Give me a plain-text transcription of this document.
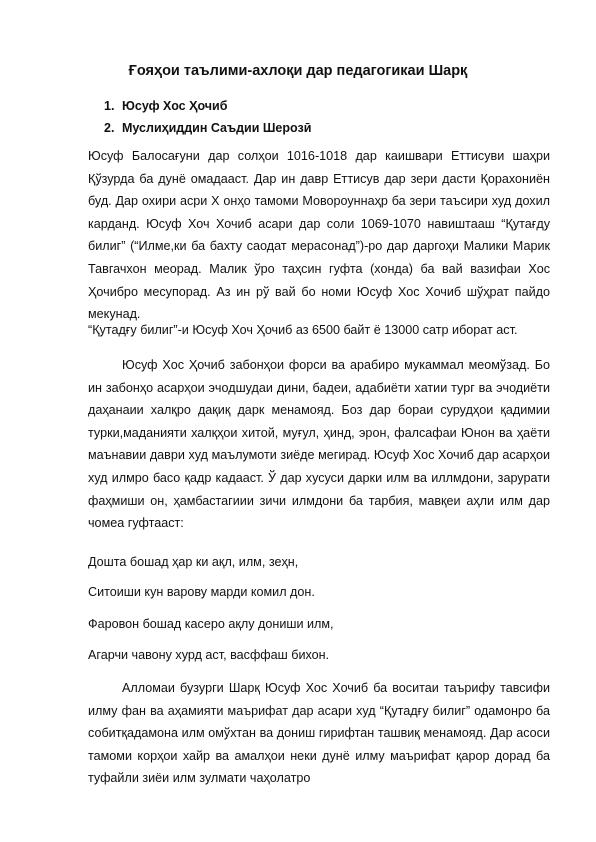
Ғояҳои таълими-ахлоқи дар педагогикаи Шарқ
1. Юсуф Хос Ҳочиб
2. Муслиҳиддин Саъдии Шерозӣ

Юсуф Балосағуни дар солҳои 1016-1018 дар каишвари Еттисуви шаҳри Қўзурда ба дунё омадааст. Дар ин давр Еттисув дар зери дасти Қорахониён буд. Дар охири асри X онҳо тамоми Мовороуннаҳр ба зери таъсири худ дохил карданд. Юсуф Хоч Хочиб асари дар соли 1069-1070 навиштааш “Қутағду билиг” (“Илме,ки ба бахту саодат мерасонад”)-ро дар даргоҳи Малики Марик Тавгачхон меорад. Малик ўро таҳсин гуфта (хонда) ба вай вазифаи Хос Ҳочибро месупорад. Аз ин рў вай бо номи Юсуф Хос Хочиб шўҳрат пайдо мекунад.

“Қутадғу билиг”-и Юсуф Хоч Ҳочиб аз 6500 байт ё 13000 сатр иборат аст.

Юсуф Хос Ҳочиб забонҳои форси ва арабиро мукаммал меомўзад. Бо ин забонҳо асарҳои эчодшудаи дини, бадеи, адабиёти хатии тург ва эчодиёти даҳанаии халқро дақиқ дарк менамояд. Боз дар бораи сурудҳои қадимии турки,маданияти халқҳои хитой, муғул, ҳинд, эрон, фалсафаи Юнон ва ҳаёти маънавии даври худ маълумоти зиёде мегирад. Юсуф Хос Хочиб дар асарҳои худ илмро басо қадр кадааст. Ў дар хусуси дарки илм ва иллмдони, зарурати фаҳмиши он, ҳамбастагиии зичи илмдони ба тарбия, мавқеи аҳли илм дар чомеа гуфтааст:

Дошта бошад ҳар ки ақл, илм, зеҳн,

Ситоиши кун варову марди комил дон.

Фаровон бошад касеро ақлу дониши илм,

Агарчи чавону хурд аст, васффаш бихон.

Алломаи бузурги Шарқ Юсуф Хос Хочиб ба воситаи таърифу тавсифи илму фан ва аҳамияти маърифат дар асари худ “Қутадғу билиг” одамонро ба собитқадамона илм омўхтан ва дониш гирифтан ташвиқ менамояд. Дар асоси тамоми корҳои хайр ва амалҳои неки дунё илму маърифат қарор дорад ба туфайли зиёи илм зулмати чаҳолатро
